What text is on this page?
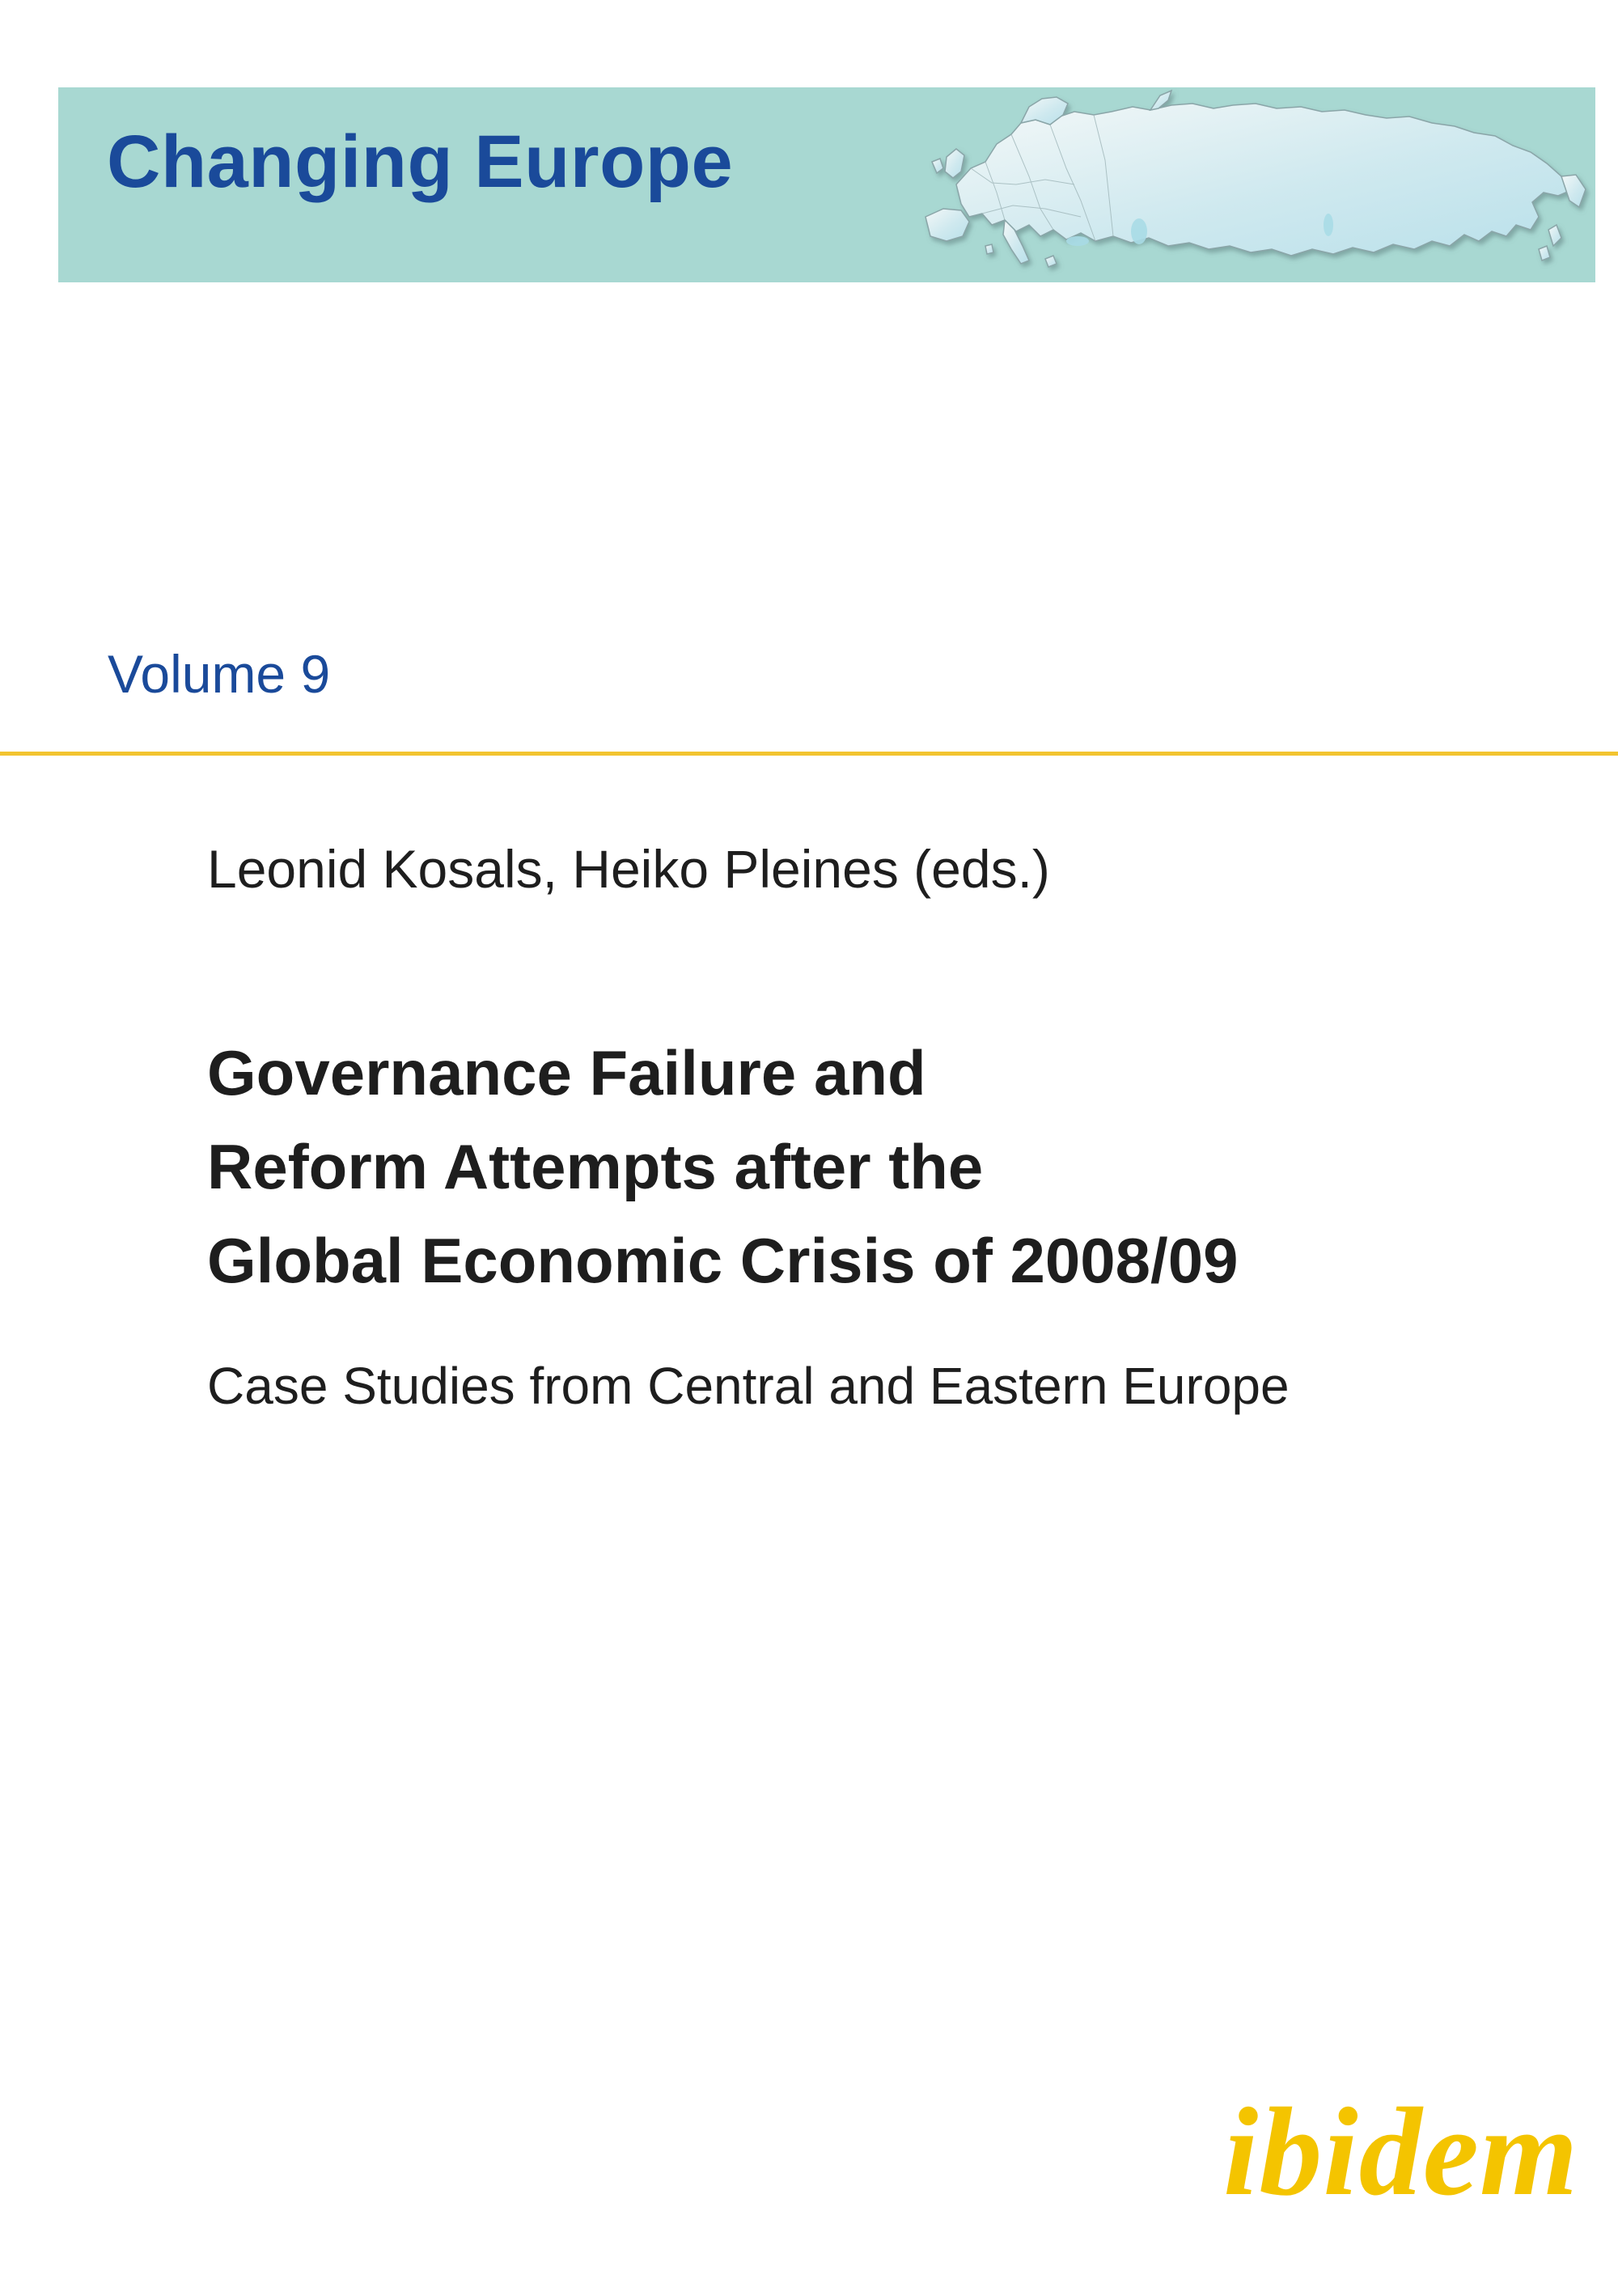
Changing Europe
Volume 9
Leonid Kosals, Heiko Pleines (eds.)
Governance Failure and
Reform Attempts after the
Global Economic Crisis of 2008/09
Case Studies from Central and Eastern Europe
ibidem
